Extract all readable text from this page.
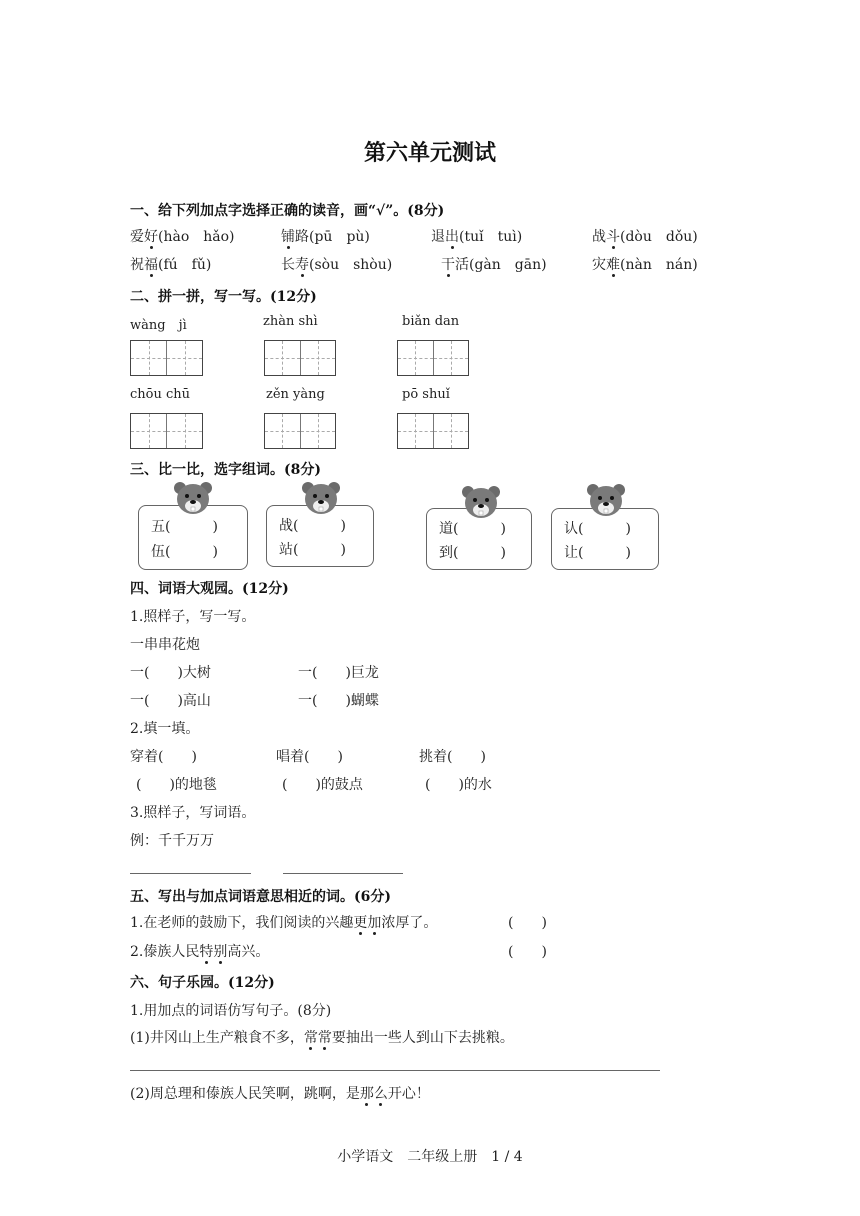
第六单元测试
一、给下列加点字选择正确的读音，画“√”。(8分)
爱好(hào　hǎo)	铺路(pū　pù)	退出(tuǐ　tuì)	战斗(dòu　dǒu)
祝福(fú　fǔ)	长寿(sòu　shòu)	干活(gàn　gān)	灾难(nàn　nán)
二、拼一拼，写一写。(12分)
wàng　jì	zhàn shì	biǎn dan
chōu chū	zěn yàng	pō shuǐ
三、比一比，选字组词。(8分)
五(　　　)
伍(　　　)
战(　　　)
站(　　　)
道(　　　)
到(　　　)
认(　　　)
让(　　　)
四、词语大观园。(12分)
1.照样子，写一写。
一串串花炮
一(　　)大树	一(　　)巨龙
一(　　)高山	一(　　)蝴蝶
2.填一填。
穿着(　　)	唱着(　　)	挑着(　　)
(　　)的地毯	(　　)的鼓点	(　　)的水
3.照样子，写词语。
例：千千万万
五、写出与加点词语意思相近的词。(6分)
1.在老师的鼓励下，我们阅读的兴趣更加浓厚了。	(　　)
2.傣族人民特别高兴。	(　　)
六、句子乐园。(12分)
1.用加点的词语仿写句子。(8分)
(1)井冈山上生产粮食不多，常常要抽出一些人到山下去挑粮。
(2)周总理和傣族人民笑啊，跳啊，是那么开心！
小学语文　二年级上册　1 / 4
